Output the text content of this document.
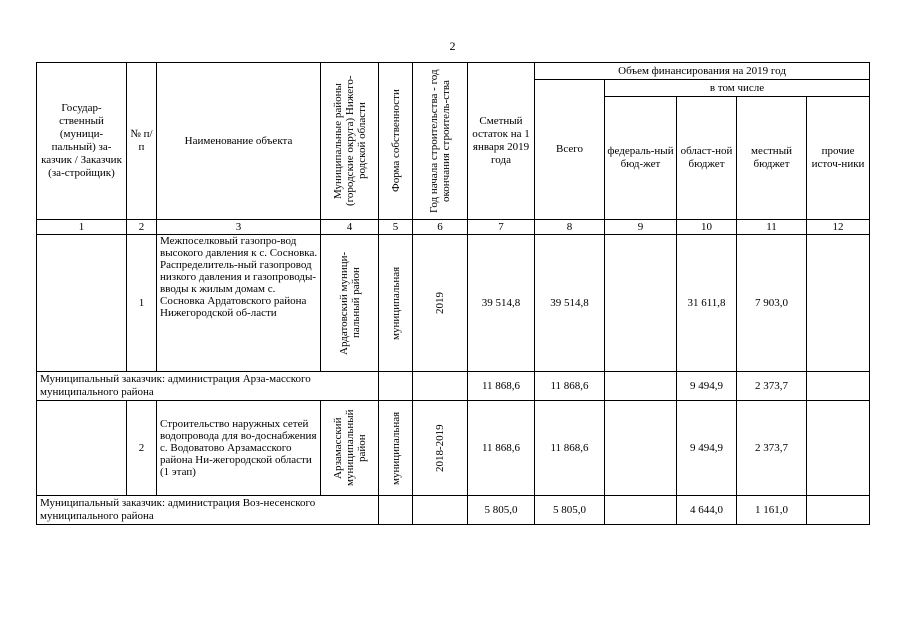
2
Государ-ственный (муници-пальный) за-казчик / Заказчик (за-стройщик)	№ п/п	Наименование объекта	Муниципальные районы (городские округа) Нижего-родской области	Форма собственности	Год начала строительства - год окончания строитель-ства	Сметный остаток на 1 января 2019 года	Объем финансирования на 2019 год				
							Всего	в том числе			
								федераль-ный бюд-жет	област-ной бюджет	местный бюджет	прочие источ-ники
1	2	3	4	5	6	7	8	9	10	11	12
	1	Межпоселковый газопро-вод высокого давления к с. Сосновка. Распределитель-ный газопровод низкого давления и газопроводы-вводы к жилым домам с. Сосновка Ардатовского района Нижегородской об-ласти	Ардатовский муници-пальный район	муниципальная	2019	39 514,8	39 514,8		31 611,8	7 903,0	
Муниципальный заказчик: администрация Арза-масского муниципального района						11 868,6	11 868,6		9 494,9	2 373,7	
	2	Строительство наружных сетей водопровода для во-доснабжения с. Водоватово Арзамасского района Ни-жегородской области (1 этап)	Арзамасский муниципальный район	муниципальная	2018-2019	11 868,6	11 868,6		9 494,9	2 373,7	
Муниципальный заказчик: администрация Воз-несенского муниципального района						5 805,0	5 805,0		4 644,0	1 161,0	
